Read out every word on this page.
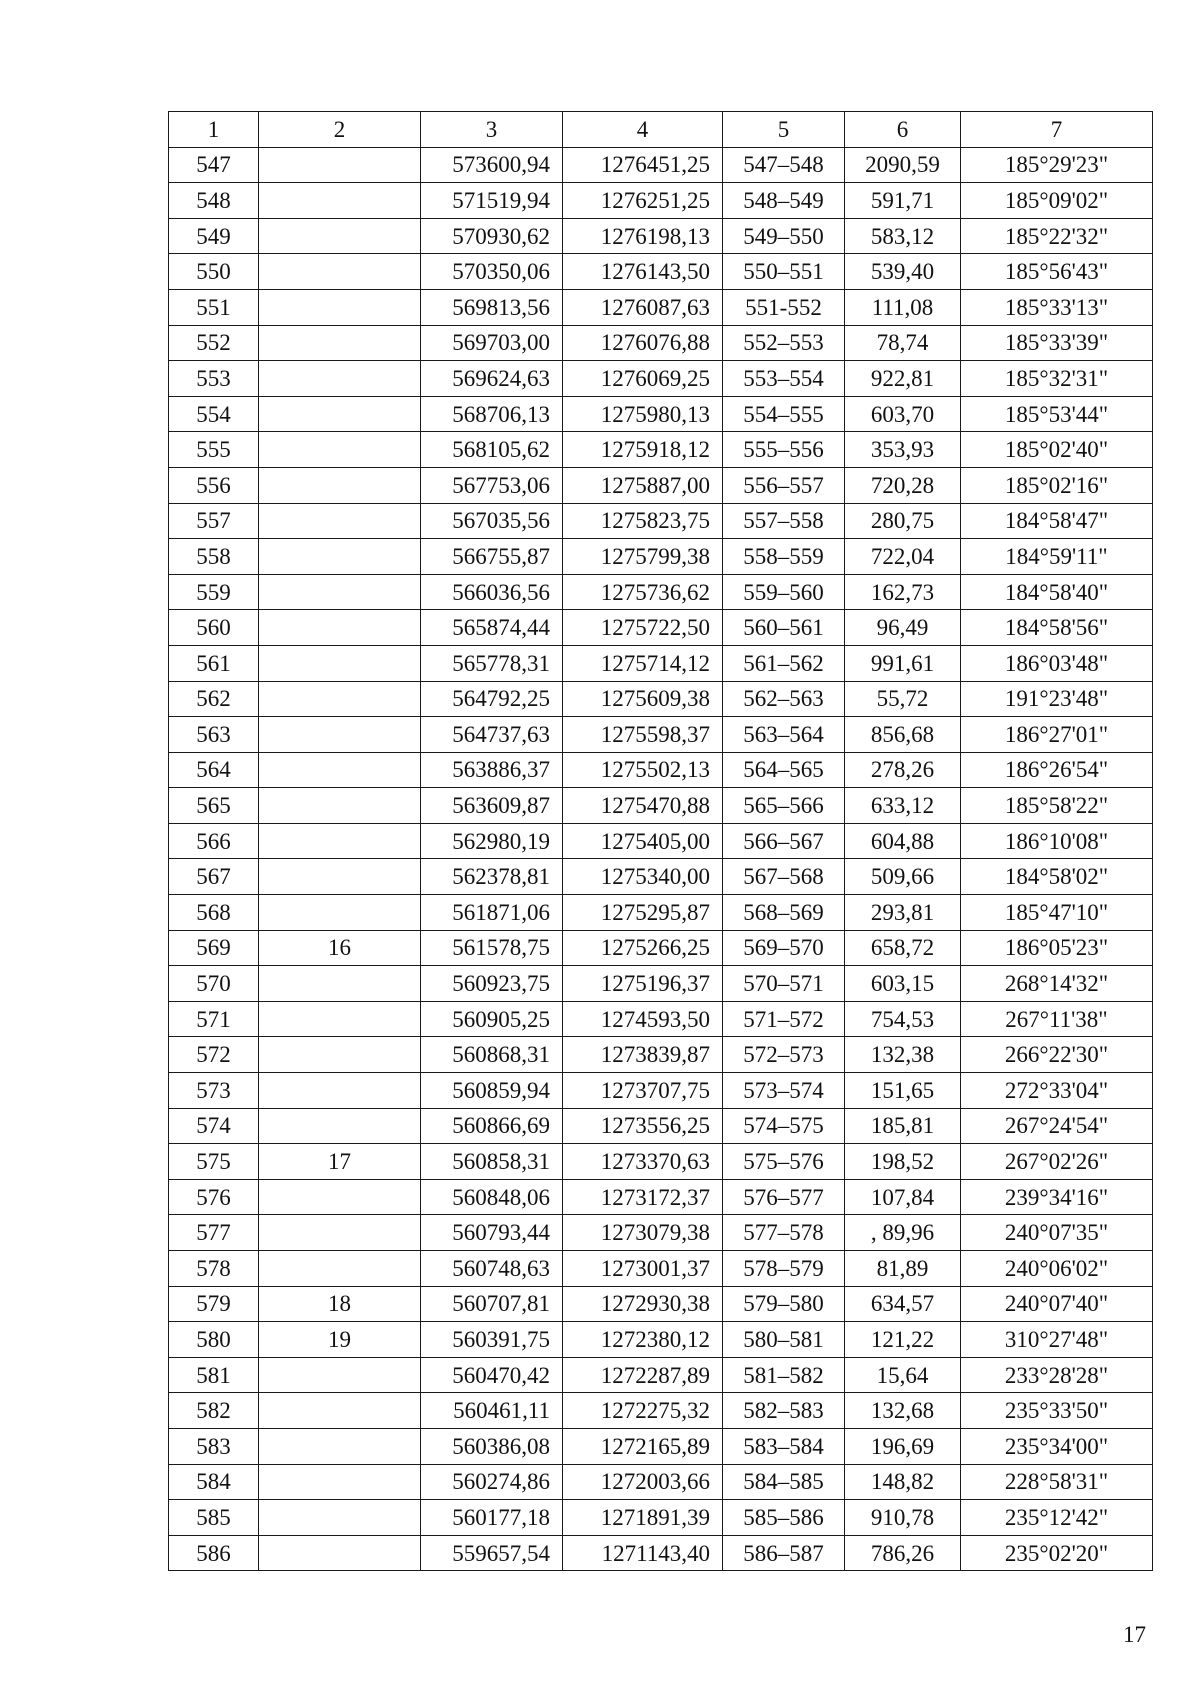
1	2	3	4	5	6	7
547		573600,94	1276451,25	547–548	2090,59	185°29'23"
548		571519,94	1276251,25	548–549	591,71	185°09'02"
549		570930,62	1276198,13	549–550	583,12	185°22'32"
550		570350,06	1276143,50	550–551	539,40	185°56'43"
551		569813,56	1276087,63	551-552	111,08	185°33'13"
552		569703,00	1276076,88	552–553	78,74	185°33'39"
553		569624,63	1276069,25	553–554	922,81	185°32'31"
554		568706,13	1275980,13	554–555	603,70	185°53'44"
555		568105,62	1275918,12	555–556	353,93	185°02'40"
556		567753,06	1275887,00	556–557	720,28	185°02'16"
557		567035,56	1275823,75	557–558	280,75	184°58'47"
558		566755,87	1275799,38	558–559	722,04	184°59'11"
559		566036,56	1275736,62	559–560	162,73	184°58'40"
560		565874,44	1275722,50	560–561	96,49	184°58'56"
561		565778,31	1275714,12	561–562	991,61	186°03'48"
562		564792,25	1275609,38	562–563	55,72	191°23'48"
563		564737,63	1275598,37	563–564	856,68	186°27'01"
564		563886,37	1275502,13	564–565	278,26	186°26'54"
565		563609,87	1275470,88	565–566	633,12	185°58'22"
566		562980,19	1275405,00	566–567	604,88	186°10'08"
567		562378,81	1275340,00	567–568	509,66	184°58'02"
568		561871,06	1275295,87	568–569	293,81	185°47'10"
569	16	561578,75	1275266,25	569–570	658,72	186°05'23"
570		560923,75	1275196,37	570–571	603,15	268°14'32"
571		560905,25	1274593,50	571–572	754,53	267°11'38"
572		560868,31	1273839,87	572–573	132,38	266°22'30"
573		560859,94	1273707,75	573–574	151,65	272°33'04"
574		560866,69	1273556,25	574–575	185,81	267°24'54"
575	17	560858,31	1273370,63	575–576	198,52	267°02'26"
576		560848,06	1273172,37	576–577	107,84	239°34'16"
577		560793,44	1273079,38	577–578	, 89,96	240°07'35"
578		560748,63	1273001,37	578–579	81,89	240°06'02"
579	18	560707,81	1272930,38	579–580	634,57	240°07'40"
580	19	560391,75	1272380,12	580–581	121,22	310°27'48"
581		560470,42	1272287,89	581–582	15,64	233°28'28"
582		560461,11	1272275,32	582–583	132,68	235°33'50"
583		560386,08	1272165,89	583–584	196,69	235°34'00"
584		560274,86	1272003,66	584–585	148,82	228°58'31"
585		560177,18	1271891,39	585–586	910,78	235°12'42"
586		559657,54	1271143,40	586–587	786,26	235°02'20"
17
